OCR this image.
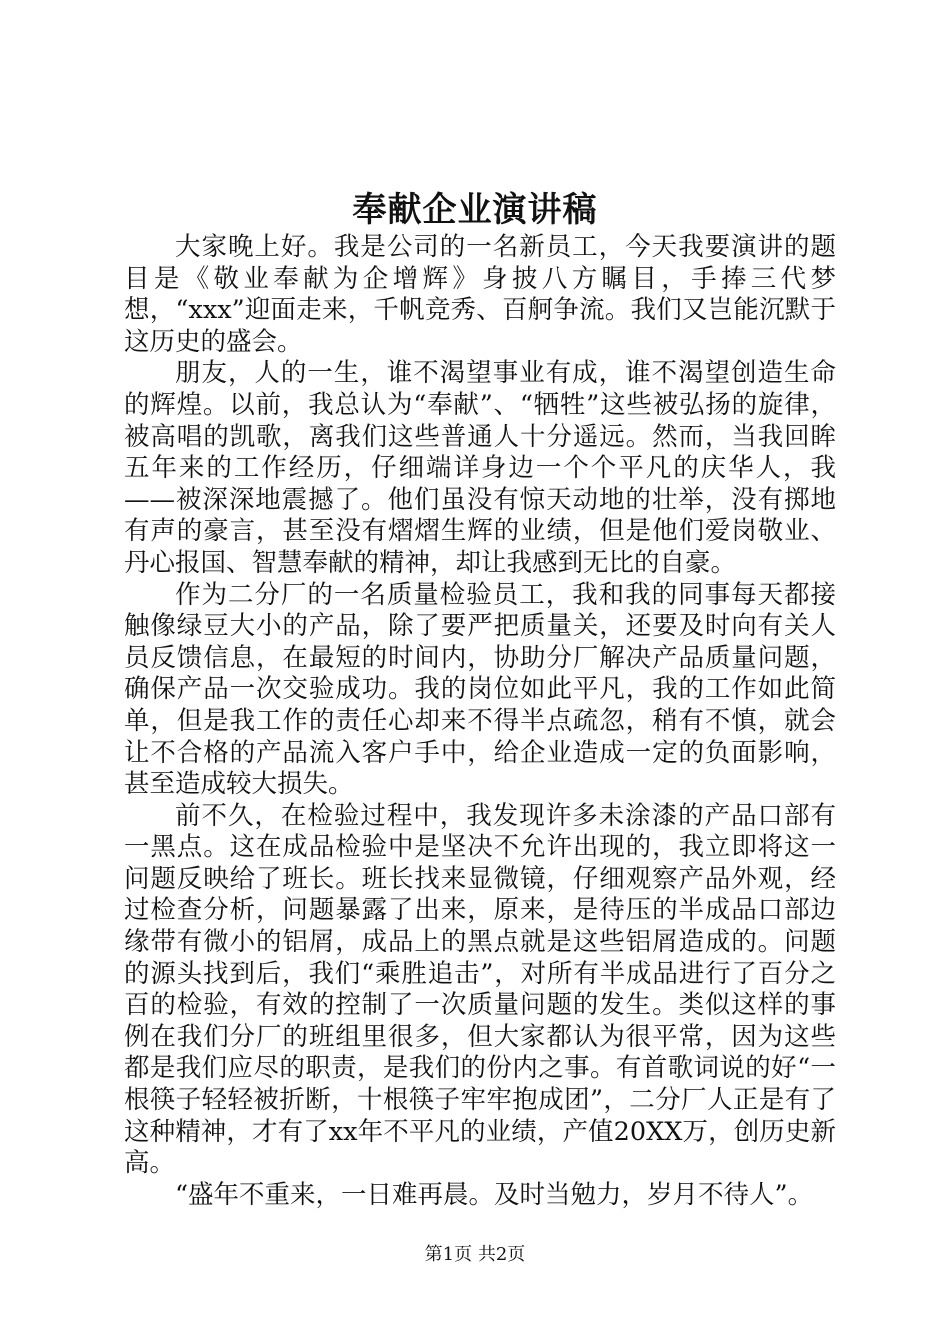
奉献企业演讲稿

大家晚上好。我是公司的一名新员工，今天我要演讲的题目是《敬业奉献为企增辉》身披八方瞩目，手捧三代梦想，“xxx”迎面走来，千帆竞秀、百舸争流。我们又岂能沉默于这历史的盛会。

朋友，人的一生，谁不渴望事业有成，谁不渴望创造生命的辉煌。以前，我总认为“奉献”、“牺牲”这些被弘扬的旋律，被高唱的凯歌，离我们这些普通人十分遥远。然而，当我回眸五年来的工作经历，仔细端详身边一个个平凡的庆华人，我——被深深地震撼了。他们虽没有惊天动地的壮举，没有掷地有声的豪言，甚至没有熠熠生辉的业绩，但是他们爱岗敬业、丹心报国、智慧奉献的精神，却让我感到无比的自豪。

作为二分厂的一名质量检验员工，我和我的同事每天都接触像绿豆大小的产品，除了要严把质量关，还要及时向有关人员反馈信息，在最短的时间内，协助分厂解决产品质量问题，确保产品一次交验成功。我的岗位如此平凡，我的工作如此简单，但是我工作的责任心却来不得半点疏忽，稍有不慎，就会让不合格的产品流入客户手中，给企业造成一定的负面影响，甚至造成较大损失。

前不久，在检验过程中，我发现许多未涂漆的产品口部有一黑点。这在成品检验中是坚决不允许出现的，我立即将这一问题反映给了班长。班长找来显微镜，仔细观察产品外观，经过检查分析，问题暴露了出来，原来，是待压的半成品口部边缘带有微小的铝屑，成品上的黑点就是这些铝屑造成的。问题的源头找到后，我们“乘胜追击”，对所有半成品进行了百分之百的检验，有效的控制了一次质量问题的发生。类似这样的事例在我们分厂的班组里很多，但大家都认为很平常，因为这些都是我们应尽的职责，是我们的份内之事。有首歌词说的好“一根筷子轻轻被折断，十根筷子牢牢抱成团”，二分厂人正是有了这种精神，才有了xx年不平凡的业绩，产值20XX万，创历史新高。

“盛年不重来，一日难再晨。及时当勉力，岁月不待人”。

第1页 共2页
